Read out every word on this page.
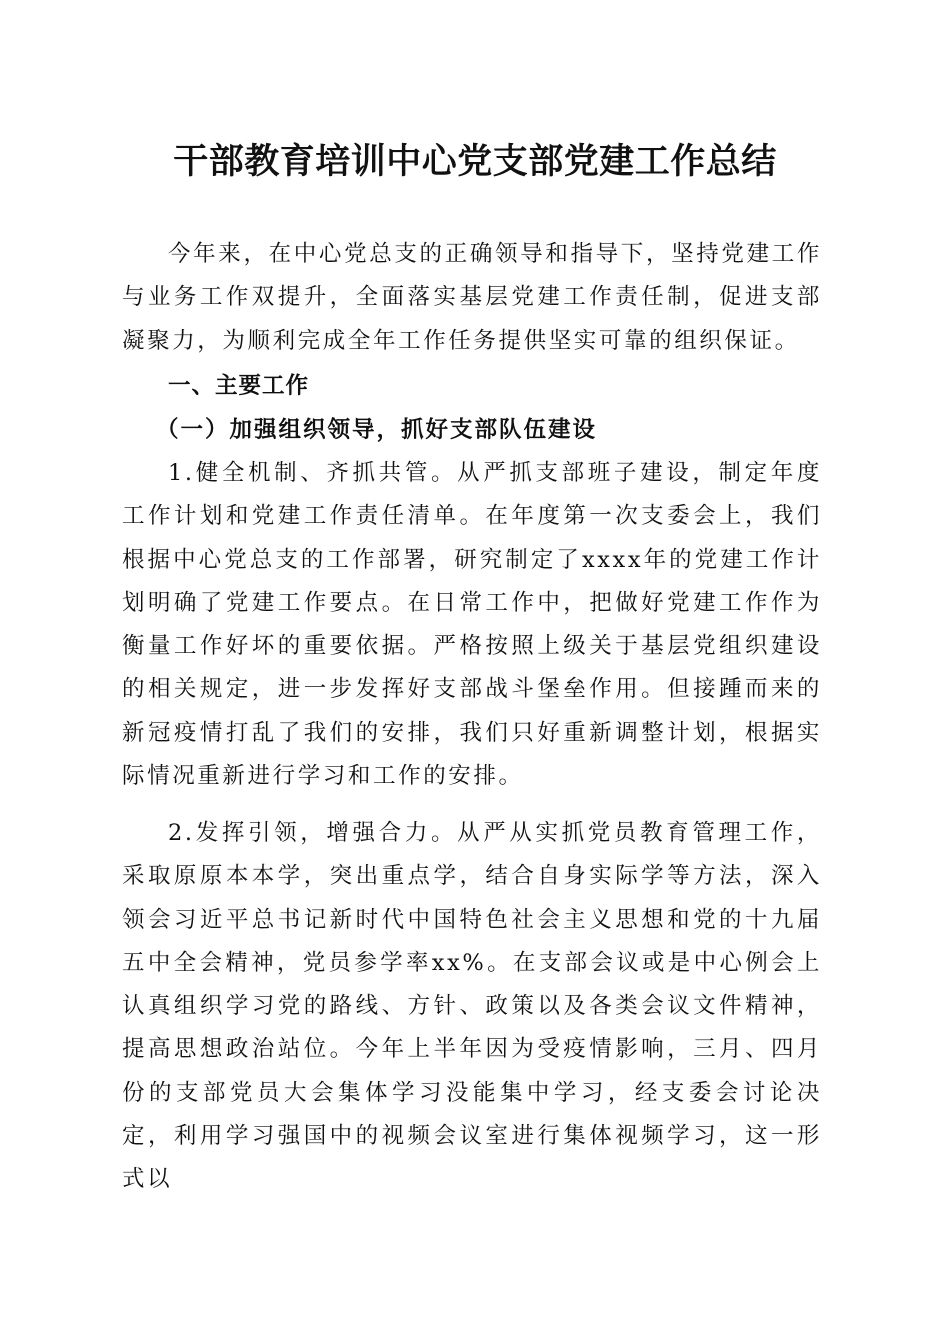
干部教育培训中心党支部党建工作总结

今年来，在中心党总支的正确领导和指导下，坚持党建工作与业务工作双提升，全面落实基层党建工作责任制，促进支部凝聚力，为顺利完成全年工作任务提供坚实可靠的组织保证。

一、主要工作
（一）加强组织领导，抓好支部队伍建设

1.健全机制、齐抓共管。从严抓支部班子建设，制定年度工作计划和党建工作责任清单。在年度第一次支委会上，我们根据中心党总支的工作部署，研究制定了xxxx年的党建工作计划明确了党建工作要点。在日常工作中，把做好党建工作作为衡量工作好坏的重要依据。严格按照上级关于基层党组织建设的相关规定，进一步发挥好支部战斗堡垒作用。但接踵而来的新冠疫情打乱了我们的安排，我们只好重新调整计划，根据实际情况重新进行学习和工作的安排。

2.发挥引领，增强合力。从严从实抓党员教育管理工作，采取原原本本学，突出重点学，结合自身实际学等方法，深入领会习近平总书记新时代中国特色社会主义思想和党的十九届五中全会精神，党员参学率xx%。在支部会议或是中心例会上认真组织学习党的路线、方针、政策以及各类会议文件精神，提高思想政治站位。今年上半年因为受疫情影响，三月、四月份的支部党员大会集体学习没能集中学习，经支委会讨论决定，利用学习强国中的视频会议室进行集体视频学习，这一形式以
